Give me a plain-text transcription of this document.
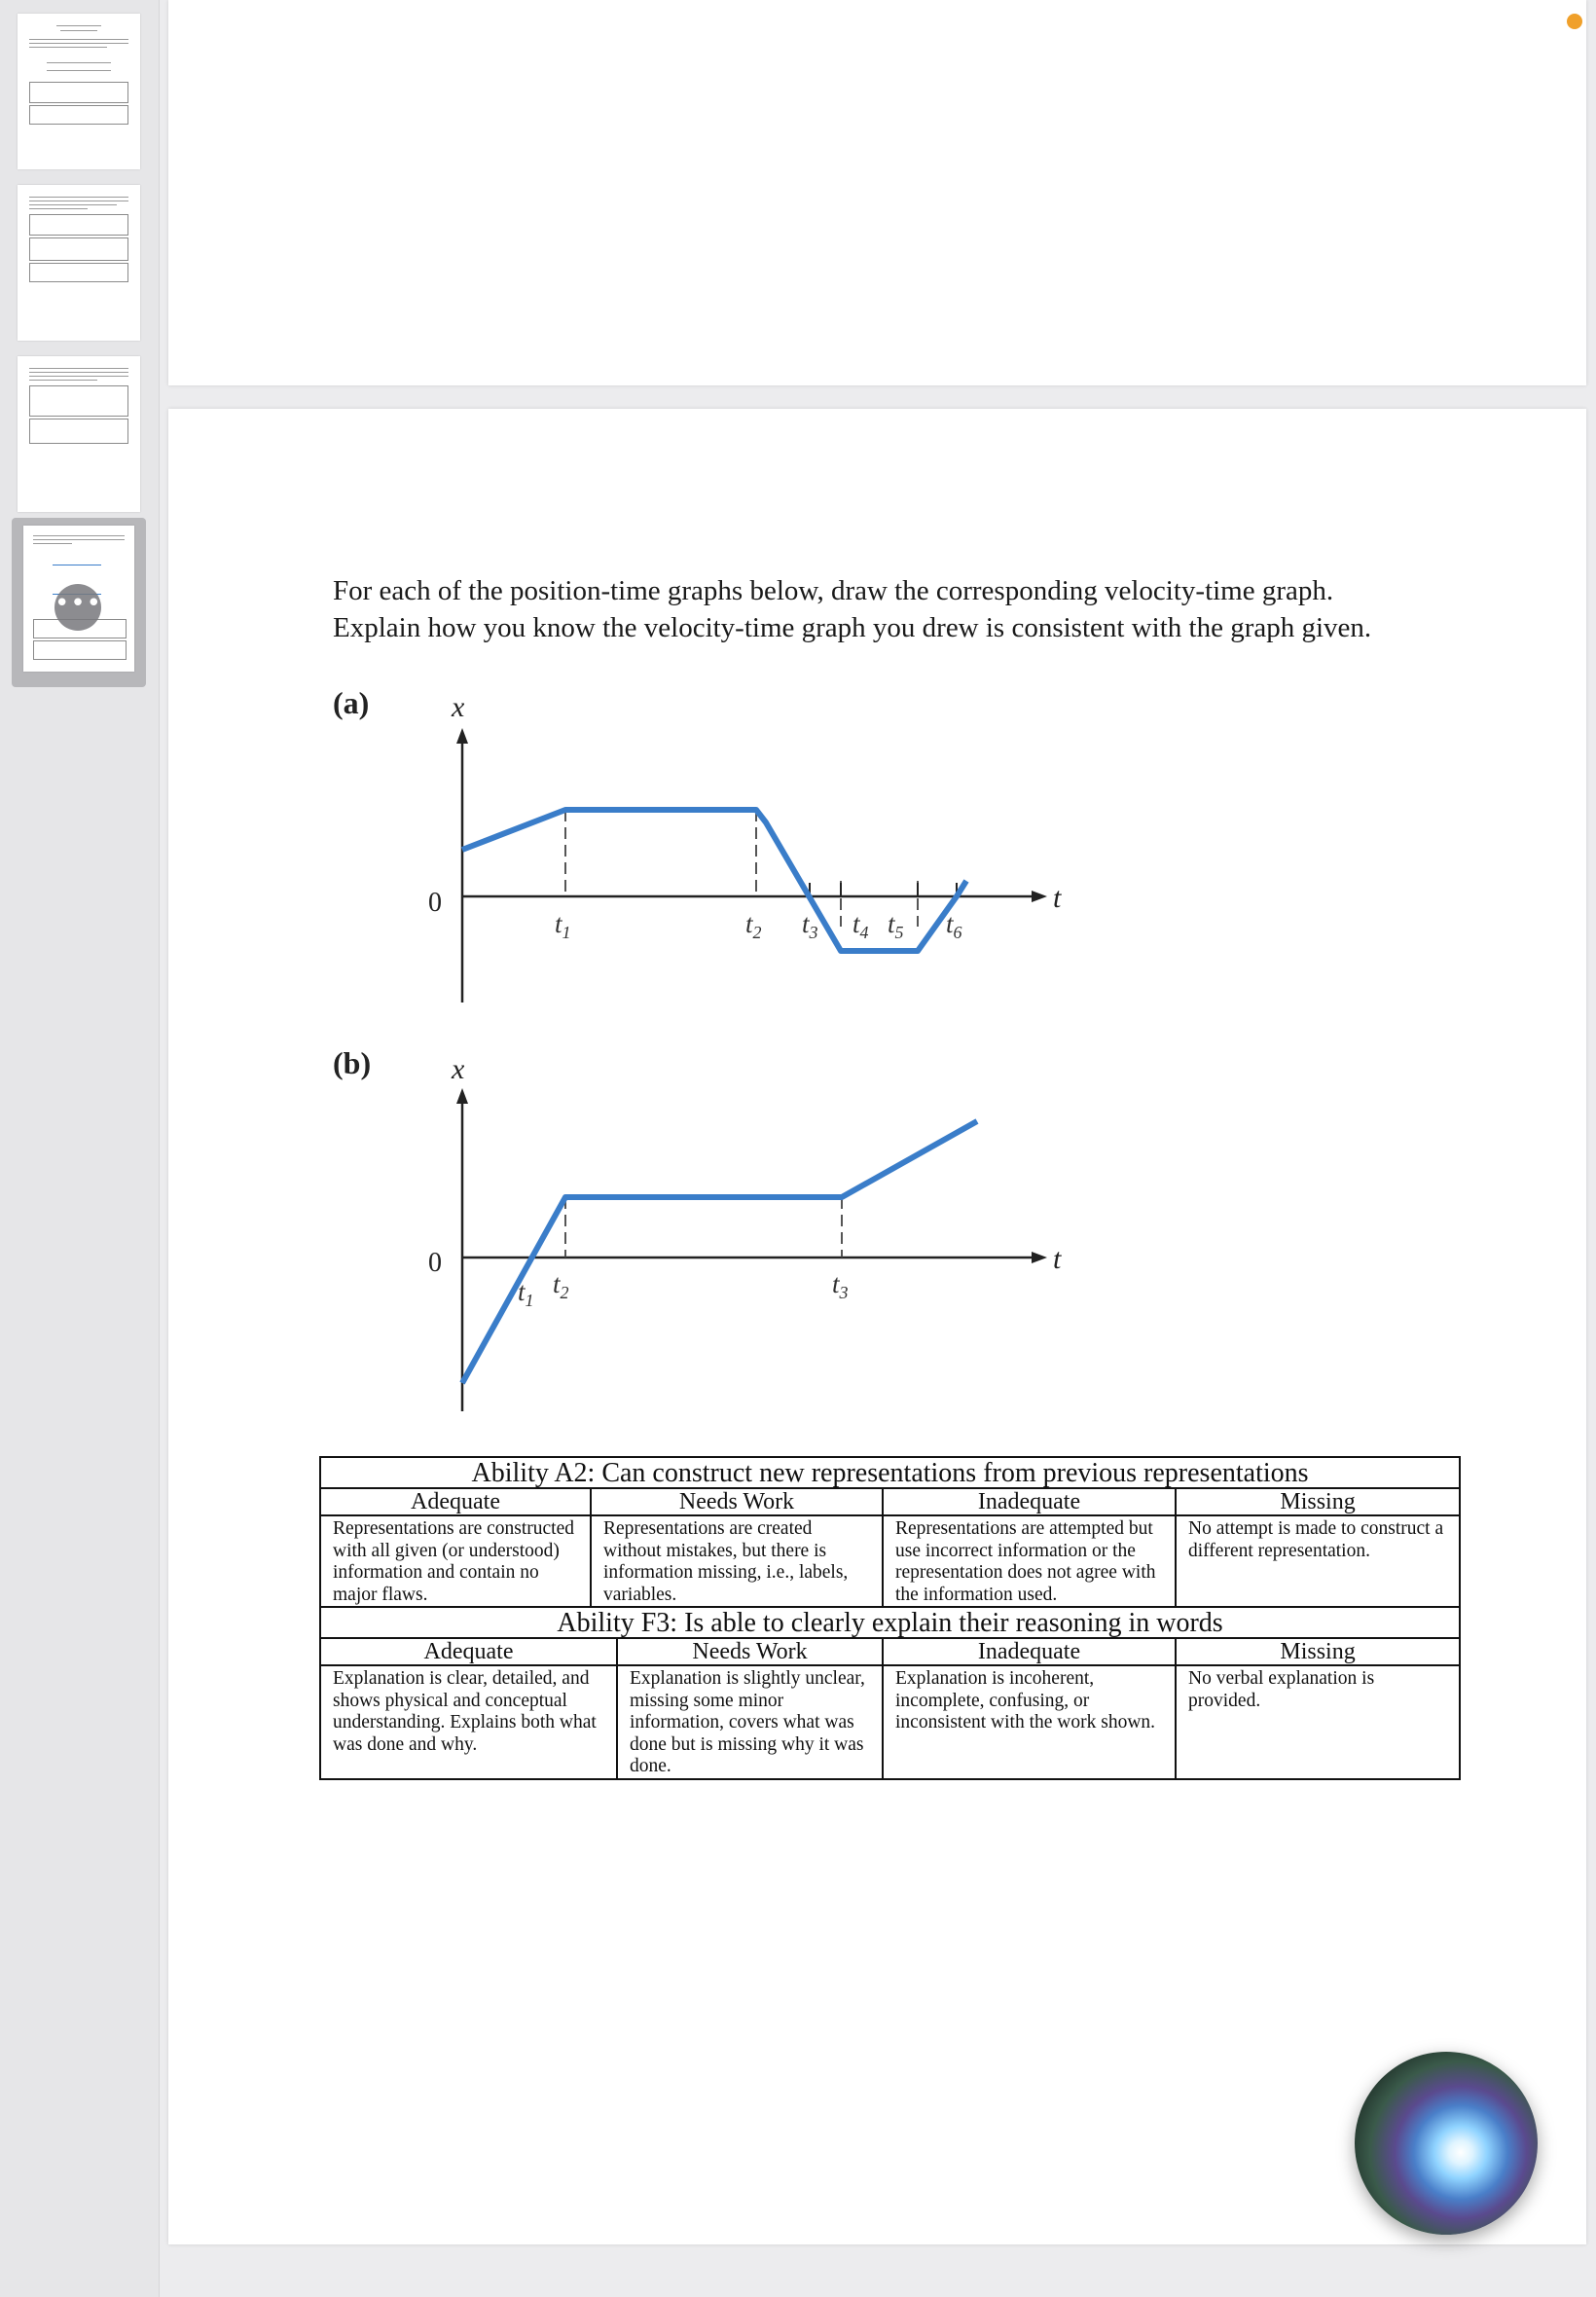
•••	For each of the position-time graphs below, draw the corresponding velocity-time graph. Explain how you know the velocity-time graph you drew is consistent with the graph given.

(a)
(b)
x
t
0
$t_1$	$t_2$ $t_3$ $t_4$ $t_5$ $t_6$
x
t
0
$t_1$
$t_2$	$t_3$
Ability A2: Can construct new representations from previous representations				
Adequate	Needs Work		Inadequate	Missing
Representations are constructed with all given (or understood) information and contain no major flaws.	Representations are created without mistakes, but there is information missing, i.e., labels, variables.		Representations are attempted but use incorrect information or the representation does not agree with the information used.	No attempt is made to construct a different representation.
Ability F3: Is able to clearly explain their reasoning in words				
Adequate		Needs Work	Inadequate	Missing
Explanation is clear, detailed, and shows physical and conceptual understanding. Explains both what was done and why.		Explanation is slightly unclear, missing some minor information, covers what was done but is missing why it was done.	Explanation is incoherent, incomplete, confusing, or inconsistent with the work shown.	No verbal explanation is provided.
